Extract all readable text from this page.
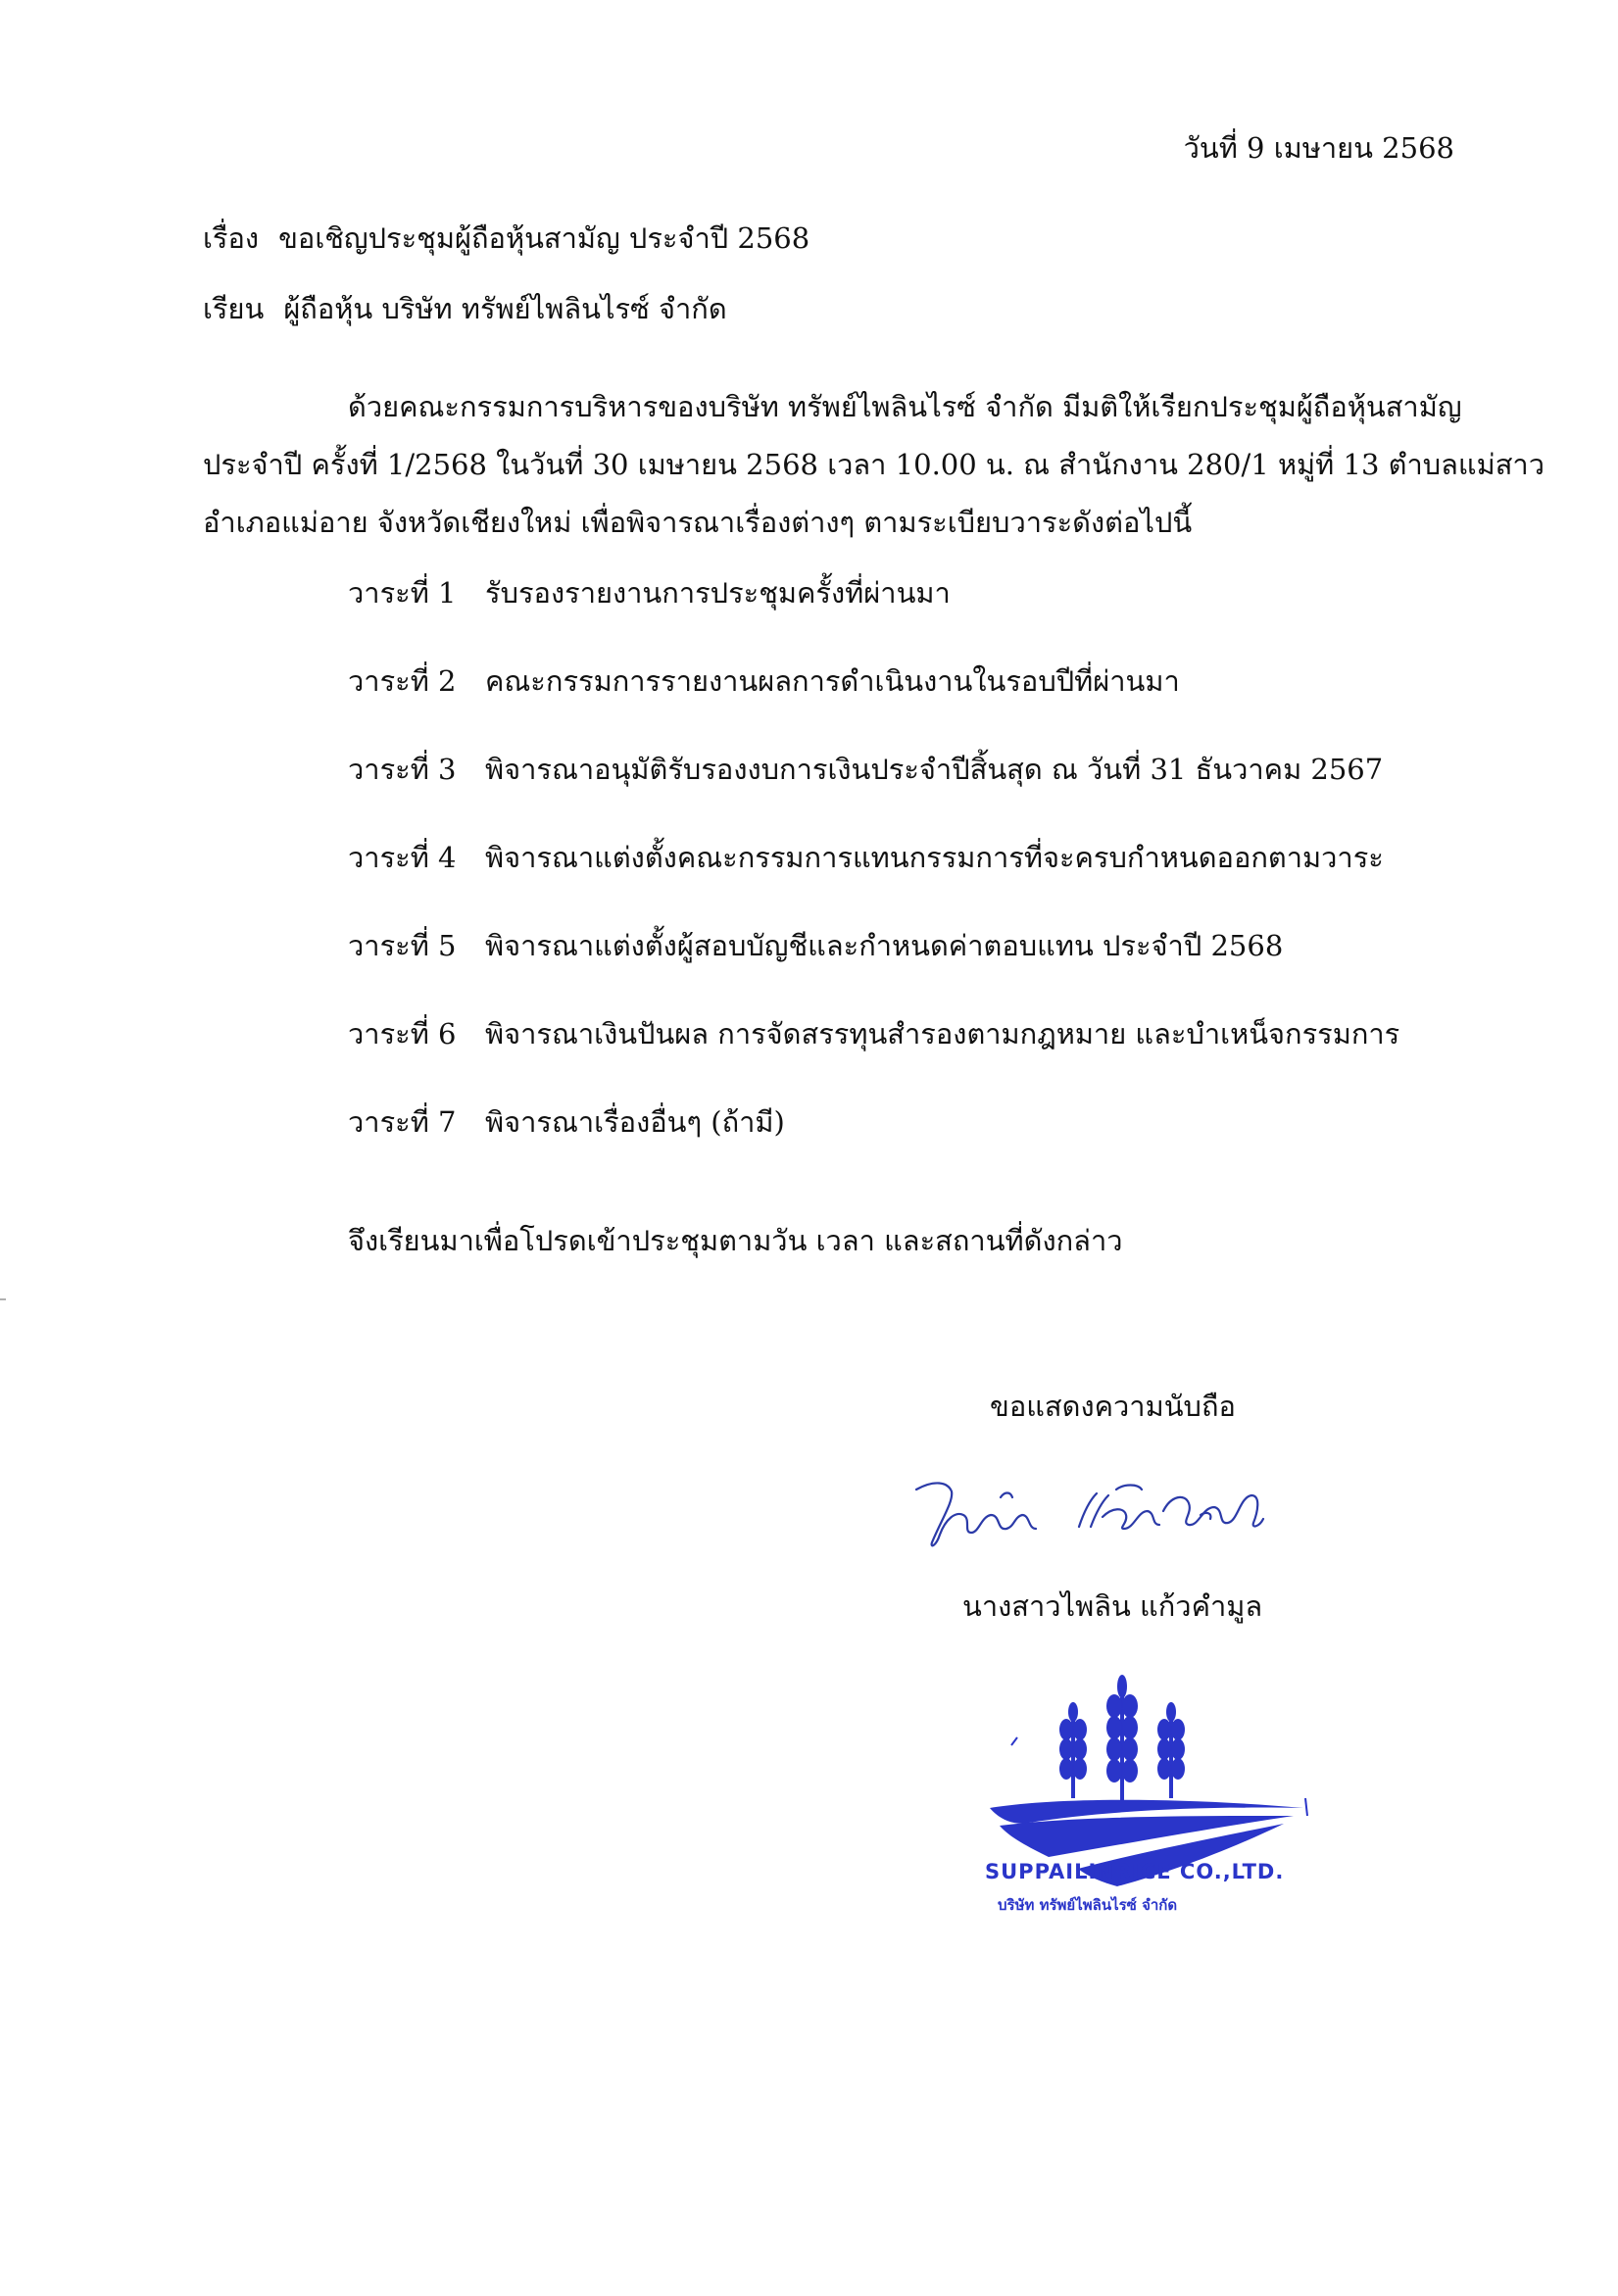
วันที่ 9 เมษายน 2568
เรื่อง ขอเชิญประชุมผู้ถือหุ้นสามัญ ประจำปี 2568
เรียน ผู้ถือหุ้น บริษัท ทรัพย์ไพลินไรซ์ จำกัด
ด้วยคณะกรรมการบริหารของบริษัท ทรัพย์ไพลินไรซ์ จำกัด มีมติให้เรียกประชุมผู้ถือหุ้นสามัญ
ประจำปี ครั้งที่ 1/2568 ในวันที่ 30 เมษายน 2568 เวลา 10.00 น. ณ สำนักงาน 280/1 หมู่ที่ 13 ตำบลแม่สาว
อำเภอแม่อาย จังหวัดเชียงใหม่ เพื่อพิจารณาเรื่องต่างๆ ตามระเบียบวาระดังต่อไปนี้
วาระที่ 1 รับรองรายงานการประชุมครั้งที่ผ่านมา
วาระที่ 2 คณะกรรมการรายงานผลการดำเนินงานในรอบปีที่ผ่านมา
วาระที่ 3 พิจารณาอนุมัติรับรองงบการเงินประจำปีสิ้นสุด ณ วันที่ 31 ธันวาคม 2567
วาระที่ 4 พิจารณาแต่งตั้งคณะกรรมการแทนกรรมการที่จะครบกำหนดออกตามวาระ
วาระที่ 5 พิจารณาแต่งตั้งผู้สอบบัญชีและกำหนดค่าตอบแทน ประจำปี 2568
วาระที่ 6 พิจารณาเงินปันผล การจัดสรรทุนสำรองตามกฎหมาย และบำเหน็จกรรมการ
วาระที่ 7 พิจารณาเรื่องอื่นๆ (ถ้ามี)
จึงเรียนมาเพื่อโปรดเข้าประชุมตามวัน เวลา และสถานที่ดังกล่าว
ขอแสดงความนับถือ
นางสาวไพลิน แก้วคำมูล
SUPPAILINRICE CO.,LTD.
บริษัท ทรัพย์ไพลินไรซ์ จำกัด
